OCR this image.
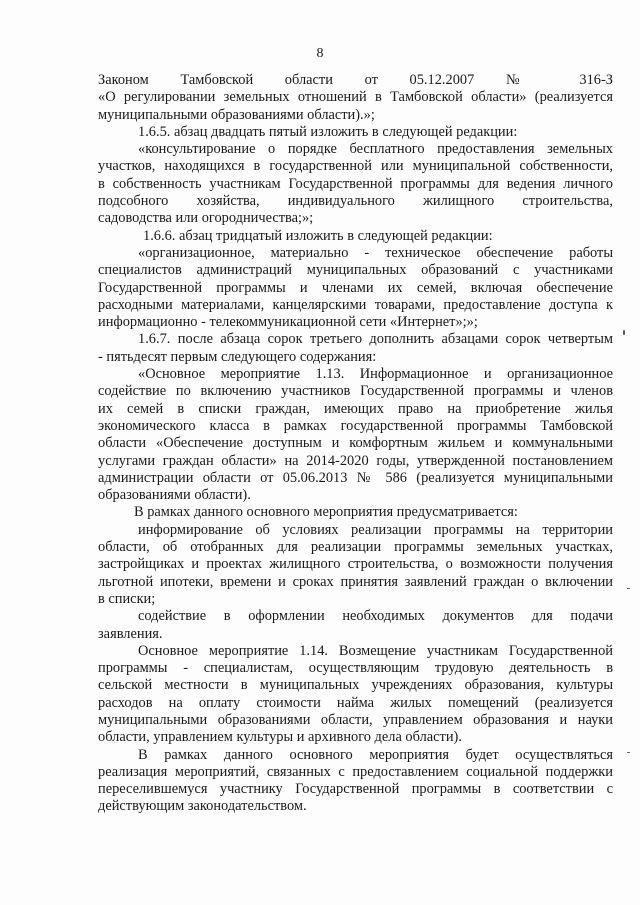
8
Законом Тамбовской области от 05.12.2007 № 316-З
«О регулировании земельных отношений в Тамбовской области» (реализуется
муниципальными образованиями области).»;
1.6.5. абзац двадцать пятый изложить в следующей редакции:
«консультирование о порядке бесплатного предоставления земельных
участков, находящихся в государственной или муниципальной собственности,
в собственность участникам Государственной программы для ведения личного
подсобного хозяйства, индивидуального жилищного строительства,
садоводства или огородничества;»;
1.6.6. абзац тридцатый изложить в следующей редакции:
«организационное, материально - техническое обеспечение работы
специалистов администраций муниципальных образований с участниками
Государственной программы и членами их семей, включая обеспечение
расходными материалами, канцелярскими товарами, предоставление доступа к
информационно - телекоммуникационной сети «Интернет»;»;
1.6.7. после абзаца сорок третьего дополнить абзацами сорок четвертым
- пятьдесят первым следующего содержания:
«Основное мероприятие 1.13. Информационное и организационное
содействие по включению участников Государственной программы и членов
их семей в списки граждан, имеющих право на приобретение жилья
экономического класса в рамках государственной программы Тамбовской
области «Обеспечение доступным и комфортным жильем и коммунальными
услугами граждан области» на 2014-2020 годы, утвержденной постановлением
администрации области от 05.06.2013 № 586 (реализуется муниципальными
образованиями области).
В рамках данного основного мероприятия предусматривается:
информирование об условиях реализации программы на территории
области, об отобранных для реализации программы земельных участках,
застройщиках и проектах жилищного строительства, о возможности получения
льготной ипотеки, времени и сроках принятия заявлений граждан о включении
в списки;
содействие в оформлении необходимых документов для подачи
заявления.
Основное мероприятие 1.14. Возмещение участникам Государственной
программы - специалистам, осуществляющим трудовую деятельность в
сельской местности в муниципальных учреждениях образования, культуры
расходов на оплату стоимости найма жилых помещений (реализуется
муниципальными образованиями области, управлением образования и науки
области, управлением культуры и архивного дела области).
В рамках данного основного мероприятия будет осуществляться
реализация мероприятий, связанных с предоставлением социальной поддержки
переселившемуся участнику Государственной программы в соответствии с
действующим законодательством.
